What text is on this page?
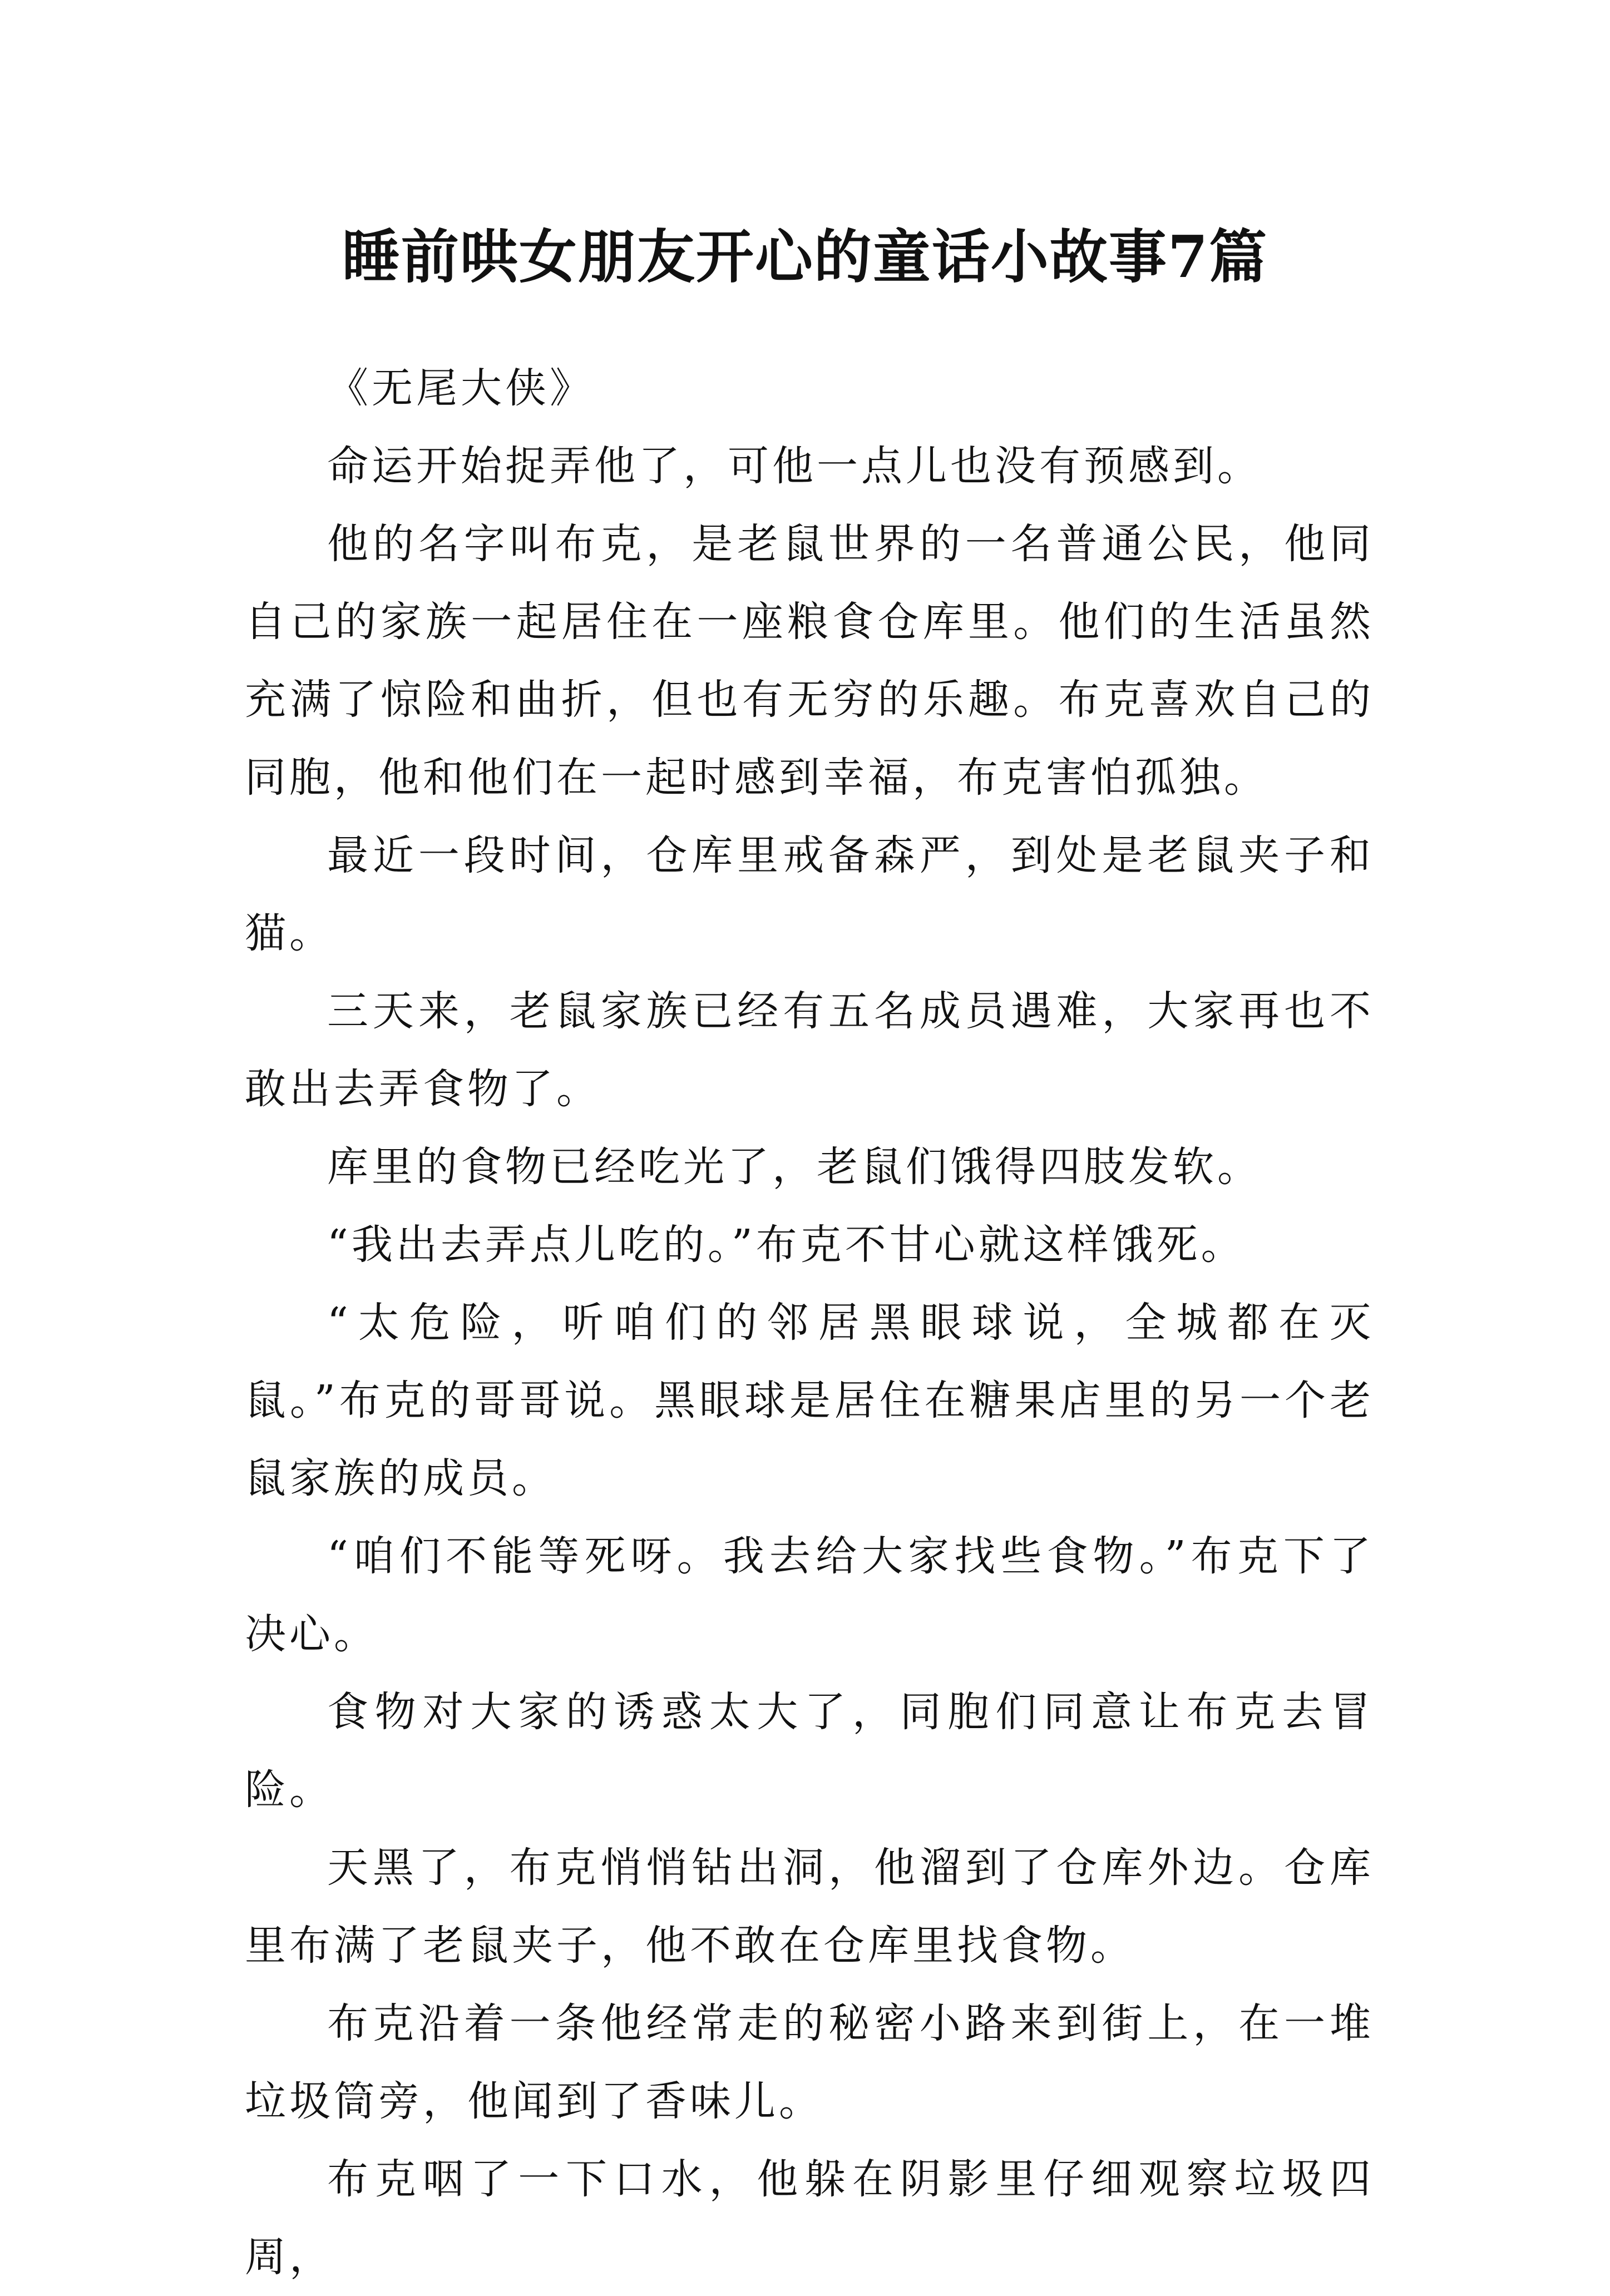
睡前哄女朋友开心的童话小故事7篇

《无尾大侠》

命运开始捉弄他了，可他一点儿也没有预感到。

他的名字叫布克，是老鼠世界的一名普通公民，他同自己的家族一起居住在一座粮食仓库里。他们的生活虽然充满了惊险和曲折，但也有无穷的乐趣。布克喜欢自己的同胞，他和他们在一起时感到幸福，布克害怕孤独。

最近一段时间，仓库里戒备森严，到处是老鼠夹子和猫。

三天来，老鼠家族已经有五名成员遇难，大家再也不敢出去弄食物了。

库里的食物已经吃光了，老鼠们饿得四肢发软。

“我出去弄点儿吃的。”布克不甘心就这样饿死。

“太危险，听咱们的邻居黑眼球说，全城都在灭鼠。”布克的哥哥说。黑眼球是居住在糖果店里的另一个老鼠家族的成员。

“咱们不能等死呀。我去给大家找些食物。”布克下了决心。

食物对大家的诱惑太大了，同胞们同意让布克去冒险。

天黑了，布克悄悄钻出洞，他溜到了仓库外边。仓库里布满了老鼠夹子，他不敢在仓库里找食物。

布克沿着一条他经常走的秘密小路来到街上，在一堆垃圾筒旁，他闻到了香味儿。

布克咽了一下口水，他躲在阴影里仔细观察垃圾四周，
